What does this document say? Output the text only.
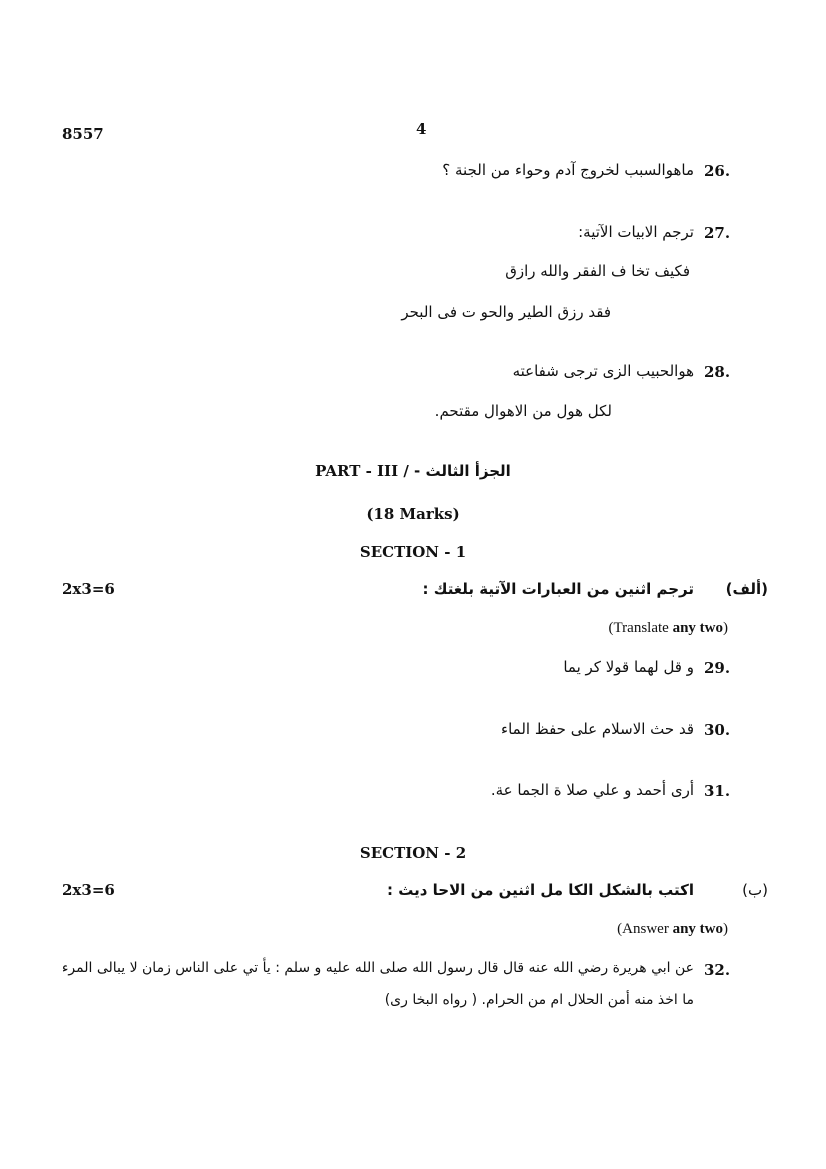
8557	4
26.
ماهوالسبب لخروج آدم وحواء من الجنة ؟
27.
ترجم الابيات الآتية:
فكيف تخا ف الفقر والله رازق
فقد رزق الطير والحو ت فى البحر
28.
هوالحبيب الزى ترجى شفاعته
لكل هول من الاهوال مقتحم.
PART - III / الجزأ الثالث -
(18 Marks)
SECTION - 1
2x3=6	(ألف)
ترجم اثنين من العبارات الآتية بلغتك :
(Translate any two)
29.
و قل لهما قولا كر يما
30.
قد حث الاسلام على حفظ الماء
31.
أرى أحمد و علي صلا ة الجما عة.
SECTION - 2
2x3=6	(ب)
اكتب بالشكل الكا مل اثنين من الاحا ديث :
(Answer any two)
32.
عن ابي هريرة رضي الله عنه قال قال رسول الله صلى الله عليه و سلم : يأ تي على الناس زمان لا يبالى المرء
ما اخذ منه أمن الحلال ام من الحرام. ( رواه البخا رى)
